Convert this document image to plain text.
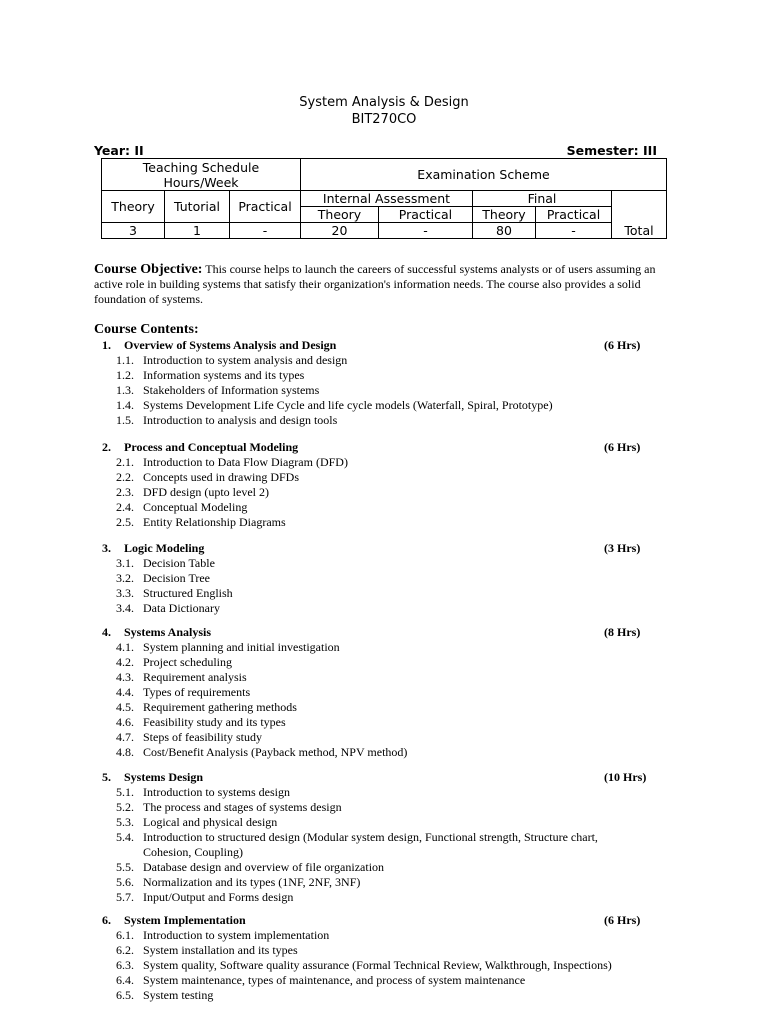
System Analysis & Design
BIT270CO
Year: II	Semester: III
Teaching Schedule
Hours/Week			Examination Scheme				

Theory	Tutorial	Practical	Internal Assessment		Final		Total

			Theory	Practical	Theory	Practical	
3	1	-	20	-	80	-	
Course Objective: This course helps to launch the careers of successful systems analysts or of users assuming an active role in building systems that satisfy their organization's information needs. The course also provides a solid foundation of systems.
Course Contents:
1. Overview of Systems Analysis and Design	(6 Hrs)
1.1. Introduction to system analysis and design
1.2. Information systems and its types
1.3. Stakeholders of Information systems
1.4. Systems Development Life Cycle and life cycle models (Waterfall, Spiral, Prototype)
1.5. Introduction to analysis and design tools
2. Process and Conceptual Modeling	(6 Hrs)
2.1. Introduction to Data Flow Diagram (DFD)
2.2. Concepts used in drawing DFDs
2.3. DFD design (upto level 2)
2.4. Conceptual Modeling
2.5. Entity Relationship Diagrams
3. Logic Modeling	(3 Hrs)
3.1. Decision Table
3.2. Decision Tree
3.3. Structured English
3.4. Data Dictionary
4. Systems Analysis	(8 Hrs)
4.1. System planning and initial investigation
4.2. Project scheduling
4.3. Requirement analysis
4.4. Types of requirements
4.5. Requirement gathering methods
4.6. Feasibility study and its types
4.7. Steps of feasibility study
4.8. Cost/Benefit Analysis (Payback method, NPV method)
5. Systems Design	(10 Hrs)
5.1. Introduction to systems design
5.2. The process and stages of systems design
5.3. Logical and physical design
5.4. Introduction to structured design (Modular system design, Functional strength, Structure chart, Cohesion, Coupling)
5.5. Database design and overview of file organization
5.6. Normalization and its types (1NF, 2NF, 3NF)
5.7. Input/Output and Forms design
6. System Implementation	(6 Hrs)
6.1. Introduction to system implementation
6.2. System installation and its types
6.3. System quality, Software quality assurance (Formal Technical Review, Walkthrough, Inspections)
6.4. System maintenance, types of maintenance, and process of system maintenance
6.5. System testing
